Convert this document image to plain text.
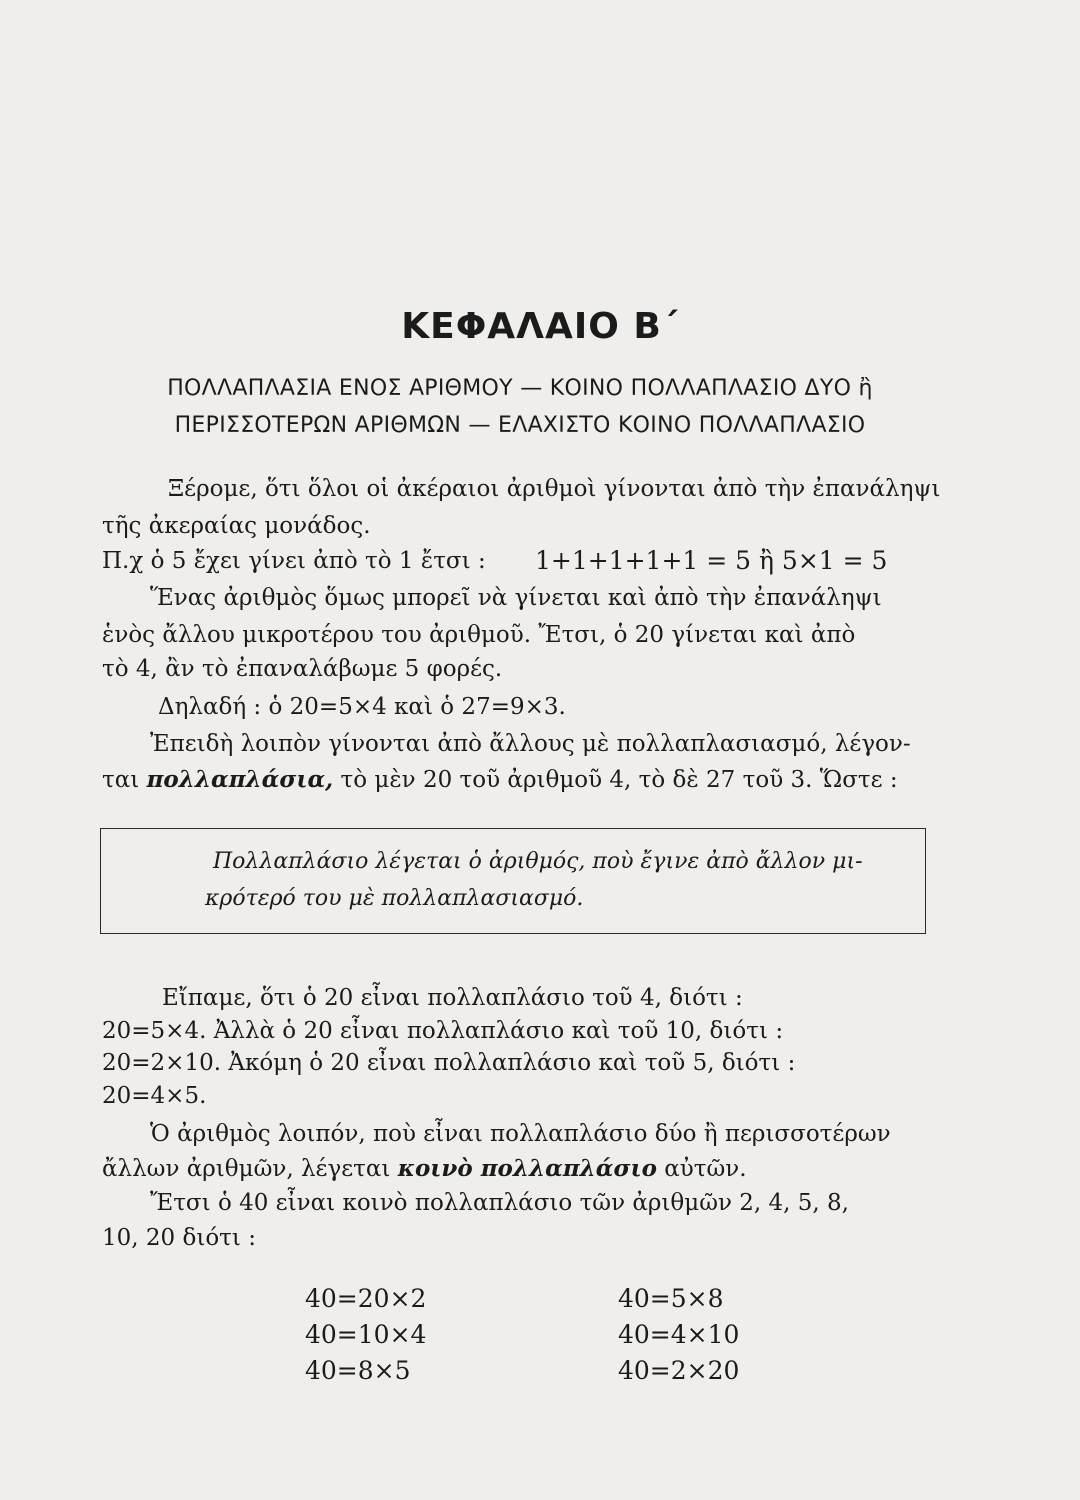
ΚΕΦΑΛΑΙΟ Β΄
ΠΟΛΛΑΠΛΑΣΙΑ ΕΝΟΣ ΑΡΙΘΜΟΥ — ΚΟΙΝΟ ΠΟΛΛΑΠΛΑΣΙΟ ΔΥΟ ἢ
ΠΕΡΙΣΣΟΤΕΡΩΝ ΑΡΙΘΜΩΝ — ΕΛΑΧΙΣΤΟ ΚΟΙΝΟ ΠΟΛΛΑΠΛΑΣΙΟ
Ξέρομε, ὅτι ὅλοι οἱ ἀκέραιοι ἀριθμοὶ γίνονται ἀπὸ τὴν ἐπανάληψι
τῆς ἀκεραίας μονάδος.
Π.χ ὁ 5 ἔχει γίνει ἀπὸ τὸ 1 ἔτσι : 1+1+1+1+1 = 5 ἢ 5×1 = 5
Ἕνας ἀριθμὸς ὅμως μπορεῖ νὰ γίνεται καὶ ἀπὸ τὴν ἐπανάληψι
ἑνὸς ἄλλου μικροτέρου του ἀριθμοῦ. Ἔτσι, ὁ 20 γίνεται καὶ ἀπὸ
τὸ 4, ἂν τὸ ἐπαναλάβωμε 5 φορές.
Δηλαδή : ὁ 20=5×4 καὶ ὁ 27=9×3.
Ἐπειδὴ λοιπὸν γίνονται ἀπὸ ἄλλους μὲ πολλαπλασιασμό, λέγον-
ται πολλαπλάσια, τὸ μὲν 20 τοῦ ἀριθμοῦ 4, τὸ δὲ 27 τοῦ 3. Ὥστε :
Πολλαπλάσιο λέγεται ὁ ἀριθμός, ποὺ ἔγινε ἀπὸ ἄλλον μι-
κρότερό του μὲ πολλαπλασιασμό.
Εἴπαμε, ὅτι ὁ 20 εἶναι πολλαπλάσιο τοῦ 4, διότι :
20=5×4. Ἀλλὰ ὁ 20 εἶναι πολλαπλάσιο καὶ τοῦ 10, διότι :
20=2×10. Ἀκόμη ὁ 20 εἶναι πολλαπλάσιο καὶ τοῦ 5, διότι :
20=4×5.
Ὁ ἀριθμὸς λοιπόν, ποὺ εἶναι πολλαπλάσιο δύο ἢ περισσοτέρων
ἄλλων ἀριθμῶν, λέγεται κοινὸ πολλαπλάσιο αὐτῶν.
Ἔτσι ὁ 40 εἶναι κοινὸ πολλαπλάσιο τῶν ἀριθμῶν 2, 4, 5, 8,
10, 20 διότι :
40=20×2
40=10×4
40=8×5
40=5×8
40=4×10
40=2×20
